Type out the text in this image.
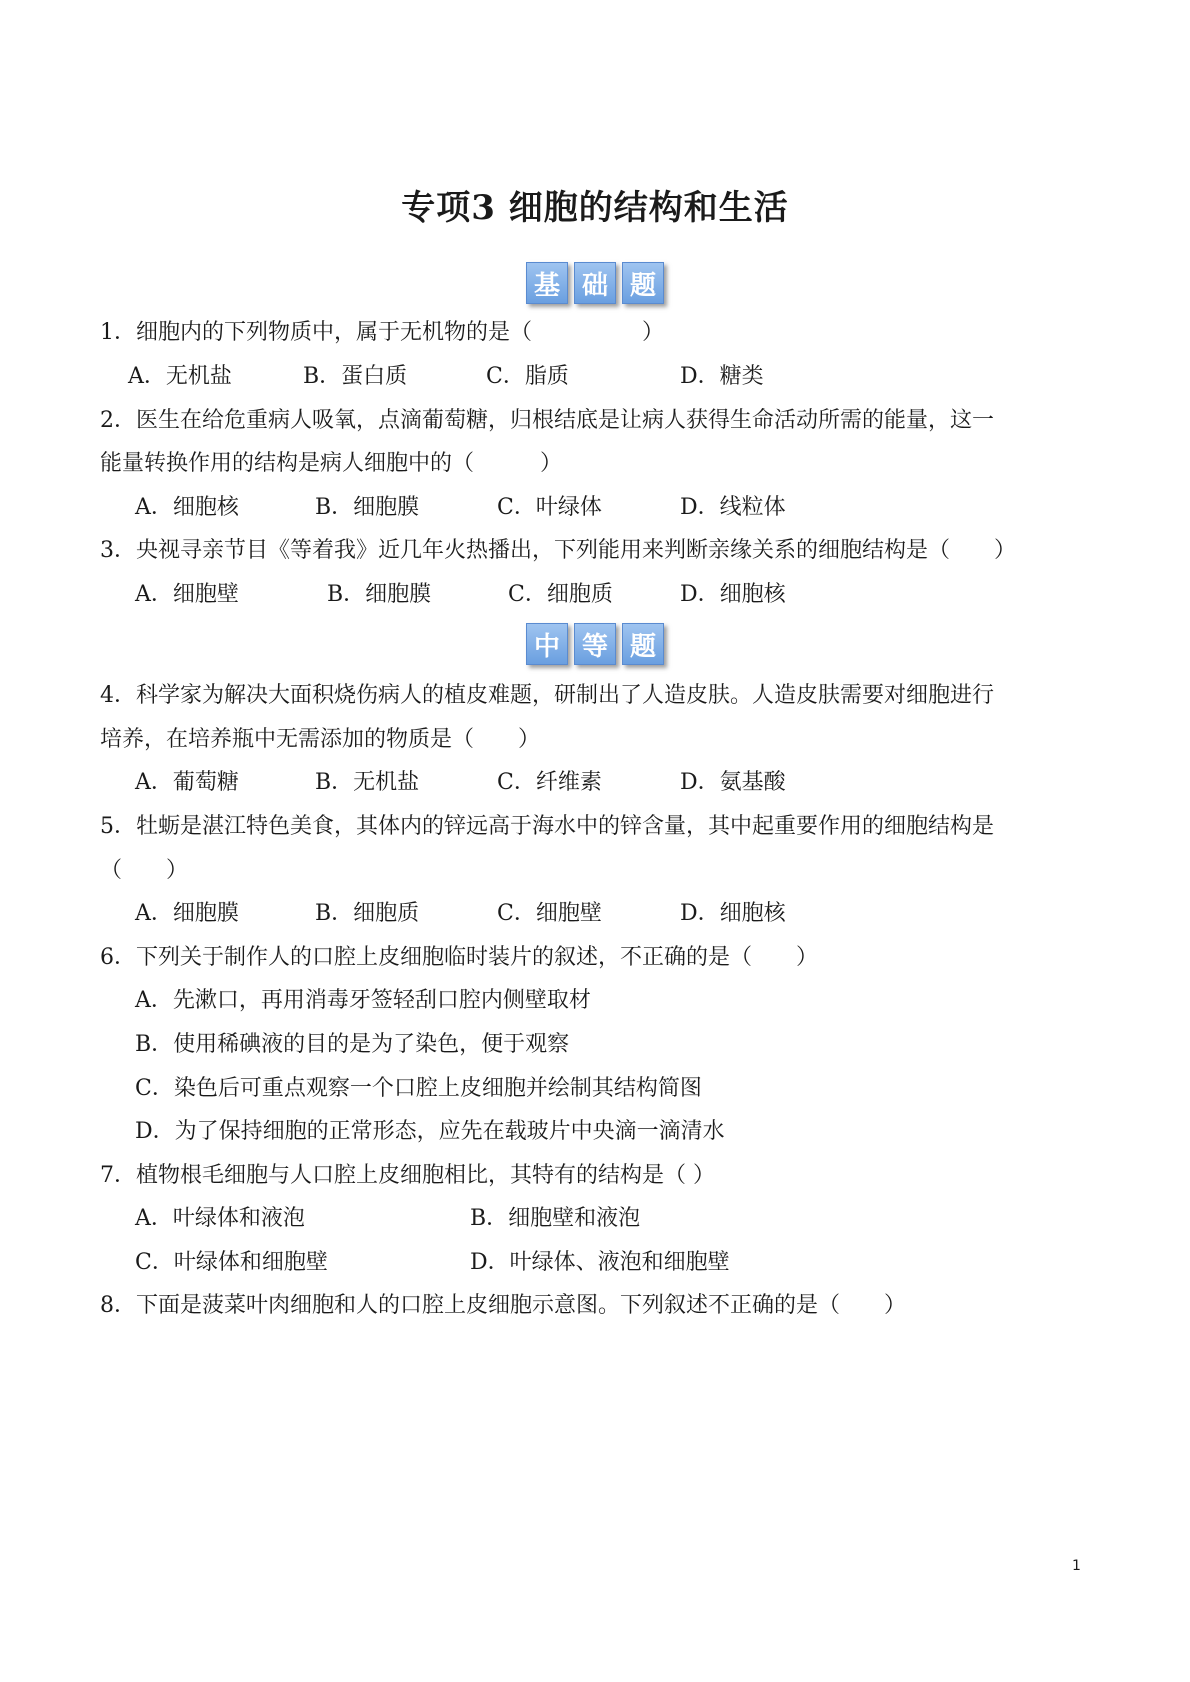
专项3 细胞的结构和生活
基 础 题
1．细胞内的下列物质中，属于无机物的是（　　　　　）
A．无机盐	B．蛋白质	C．脂质	D．糖类
2．医生在给危重病人吸氧，点滴葡萄糖，归根结底是让病人获得生命活动所需的能量，这一
能量转换作用的结构是病人细胞中的（　　　）
A．细胞核	B．细胞膜	C．叶绿体	D．线粒体
3．央视寻亲节目《等着我》近几年火热播出，下列能用来判断亲缘关系的细胞结构是（　　）
A．细胞壁	B．细胞膜	C．细胞质	D．细胞核
中 等 题
4．科学家为解决大面积烧伤病人的植皮难题，研制出了人造皮肤。人造皮肤需要对细胞进行
培养，在培养瓶中无需添加的物质是（　　）
A．葡萄糖	B．无机盐	C．纤维素	D．氨基酸
5．牡蛎是湛江特色美食，其体内的锌远高于海水中的锌含量，其中起重要作用的细胞结构是
（　　）
A．细胞膜	B．细胞质	C．细胞壁	D．细胞核
6．下列关于制作人的口腔上皮细胞临时装片的叙述，不正确的是（　　）
A．先漱口，再用消毒牙签轻刮口腔内侧壁取材
B．使用稀碘液的目的是为了染色，便于观察
C．染色后可重点观察一个口腔上皮细胞并绘制其结构简图
D．为了保持细胞的正常形态，应先在载玻片中央滴一滴清水
7．植物根毛细胞与人口腔上皮细胞相比，其特有的结构是（ ）
A．叶绿体和液泡	B．细胞壁和液泡
C．叶绿体和细胞壁	D．叶绿体、液泡和细胞壁
8．下面是菠菜叶肉细胞和人的口腔上皮细胞示意图。下列叙述不正确的是（　　）
1
